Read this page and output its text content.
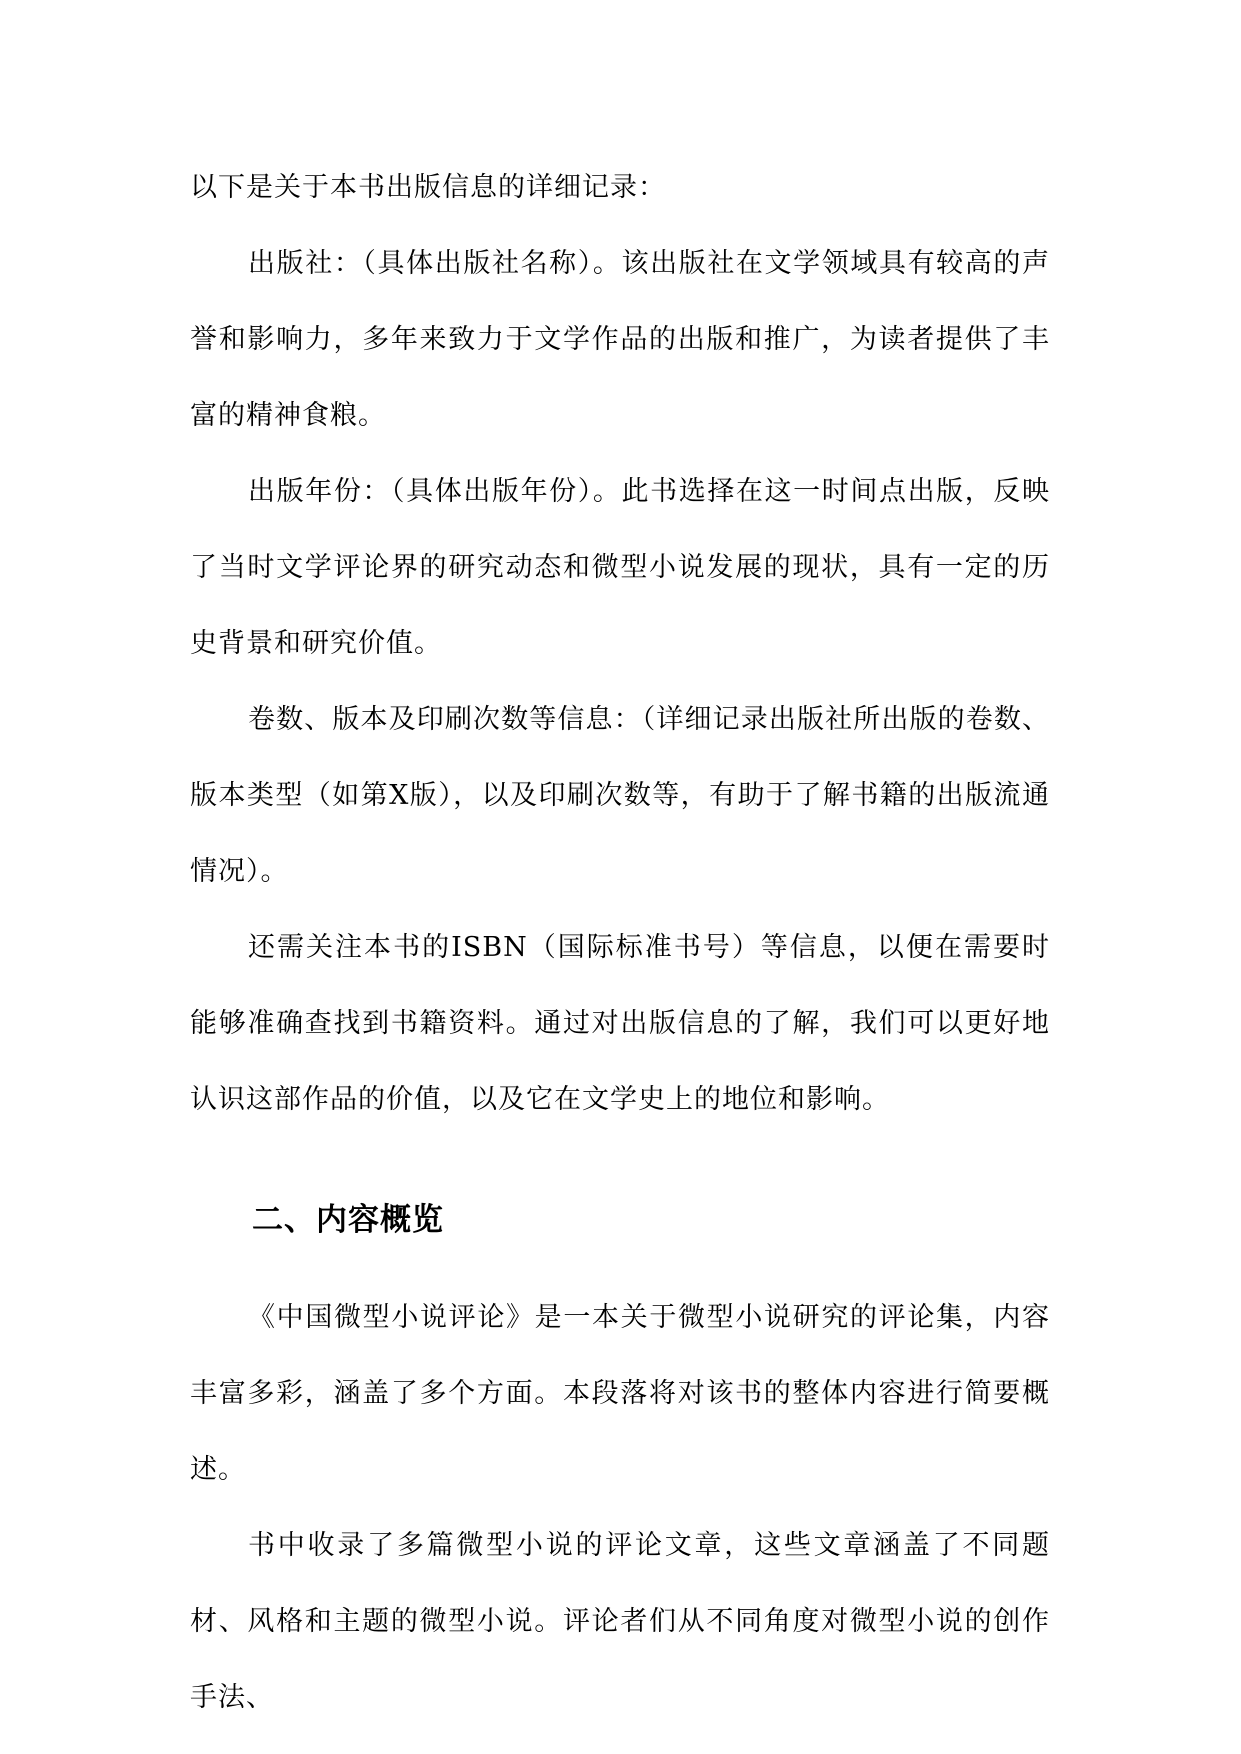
以下是关于本书出版信息的详细记录：

出版社：（具体出版社名称）。该出版社在文学领域具有较高的声誉和影响力，多年来致力于文学作品的出版和推广，为读者提供了丰富的精神食粮。

出版年份：（具体出版年份）。此书选择在这一时间点出版，反映了当时文学评论界的研究动态和微型小说发展的现状，具有一定的历史背景和研究价值。

卷数、版本及印刷次数等信息：（详细记录出版社所出版的卷数、版本类型（如第X版），以及印刷次数等，有助于了解书籍的出版流通情况）。

还需关注本书的ISBN（国际标准书号）等信息，以便在需要时能够准确查找到书籍资料。通过对出版信息的了解，我们可以更好地认识这部作品的价值，以及它在文学史上的地位和影响。

二、内容概览

《中国微型小说评论》是一本关于微型小说研究的评论集，内容丰富多彩，涵盖了多个方面。本段落将对该书的整体内容进行简要概述。

书中收录了多篇微型小说的评论文章，这些文章涵盖了不同题材、风格和主题的微型小说。评论者们从不同角度对微型小说的创作手法、
